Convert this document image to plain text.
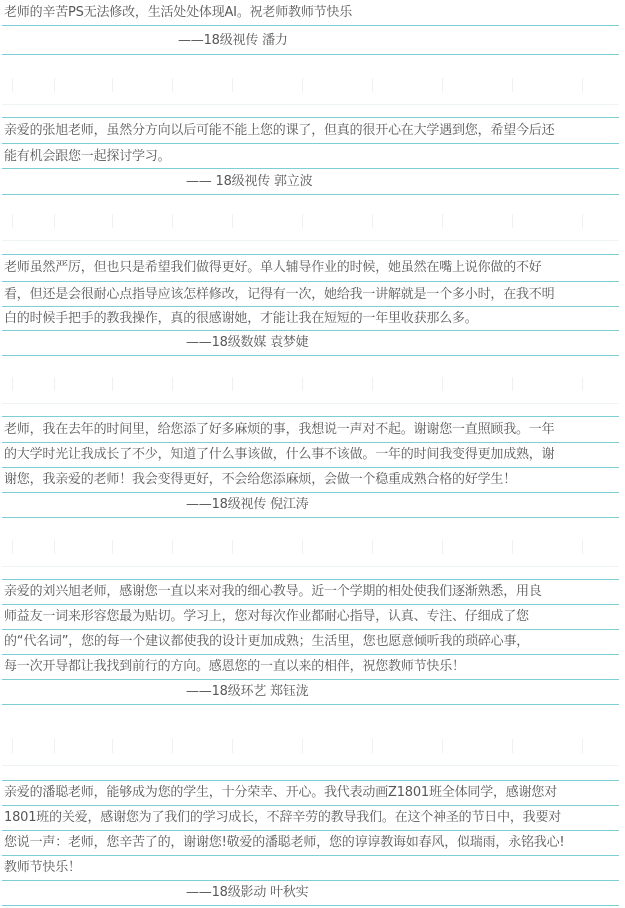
老师的辛苦PS无法修改，生活处处体现AI。祝老师教师节快乐
——18级视传 潘力
亲爱的张旭老师，虽然分方向以后可能不能上您的课了，但真的很开心在大学遇到您，希望今后还
能有机会跟您一起探讨学习。
—— 18级视传 郭立波
老师虽然严厉，但也只是希望我们做得更好。单人辅导作业的时候，她虽然在嘴上说你做的不好
看，但还是会很耐心点指导应该怎样修改，记得有一次，她给我一讲解就是一个多小时，在我不明
白的时候手把手的教我操作，真的很感谢她，才能让我在短短的一年里收获那么多。
——18级数媒 袁梦婕
老师，我在去年的时间里，给您添了好多麻烦的事，我想说一声对不起。谢谢您一直照顾我。一年
的大学时光让我成长了不少，知道了什么事该做，什么事不该做。一年的时间我变得更加成熟，谢
谢您，我亲爱的老师！我会变得更好，不会给您添麻烦，会做一个稳重成熟合格的好学生！
——18级视传 倪江涛
亲爱的刘兴旭老师，感谢您一直以来对我的细心教导。近一个学期的相处使我们逐渐熟悉，用良
师益友一词来形容您最为贴切。学习上，您对每次作业都耐心指导，认真、专注、仔细成了您
的“代名词”，您的每一个建议都使我的设计更加成熟；生活里，您也愿意倾听我的琐碎心事，
每一次开导都让我找到前行的方向。感恩您的一直以来的相伴，祝您教师节快乐！
——18级环艺 郑钰泷
亲爱的潘聪老师，能够成为您的学生，十分荣幸、开心。我代表动画Z1801班全体同学，感谢您对
1801班的关爱，感谢您为了我们的学习成长，不辞辛劳的教导我们。在这个神圣的节日中，我要对
您说一声：老师，您辛苦了的，谢谢您!敬爱的潘聪老师，您的谆谆教诲如春风，似瑞雨，永铭我心!
教师节快乐！
——18级影动 叶秋实
